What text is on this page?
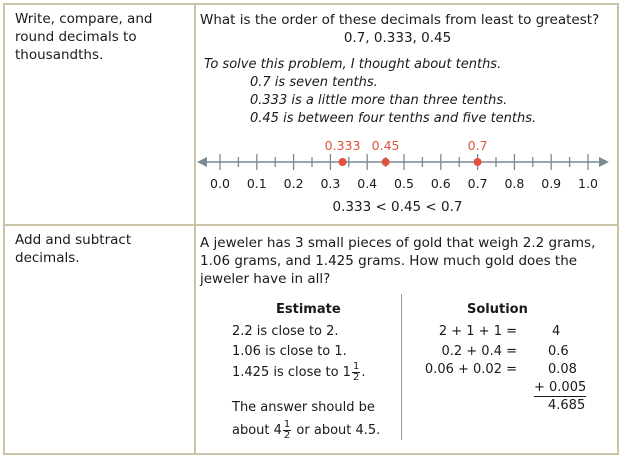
Write, compare, and
round decimals to
thousandths.
What is the order of these decimals from least to greatest?
0.7, 0.333, 0.45
To solve this problem, I thought about tenths.
0.7 is seven tenths.
0.333 is a little more than three tenths.
0.45 is between four tenths and five tenths.
0.0 0.1 0.2 0.3 0.4 0.5 0.6 0.7 0.8 0.9 1.0
0.333 0.45	0.7
0.333 < 0.45 < 0.7
Add and subtract
decimals.
A jeweler has 3 small pieces of gold that weigh 2.2 grams,
1.06 grams, and 1.425 grams. How much gold does the
jeweler have in all?
Estimate
2.2 is close to 2.
1.06 is close to 1.
1.425 is close to $1 \frac{1}{2}$ .
The answer should be
about $4 \frac{1}{2}$ or about 4.5.
Solution
2 + 1 + 1 =
0.2 + 0.4 =
0.06 + 0.02 =
4
0.6
0.08
+ 0.005
4.685
